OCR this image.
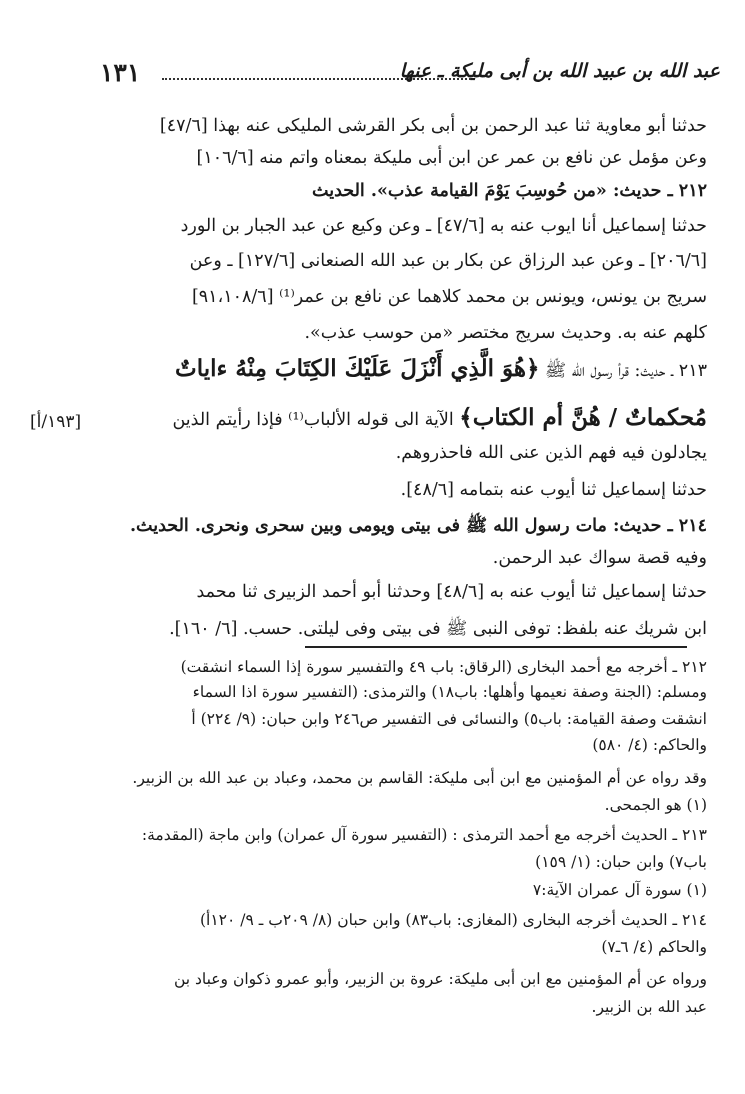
١٣١	عبد الله بن عبيد الله بن أبى مليكة ـ عنها
حدثنا أبو معاوية ثنا عبد الرحمن بن أبى بكر القرشى المليكى عنه بهذا [٤٧/٦]
وعن مؤمل عن نافع بن عمر عن ابن أبى مليكة بمعناه واتم منه [١٠٦/٦]
٢١٢ ـ حديث: «من حُوسِبَ يَوْمَ القيامة عذب». الحديث
حدثنا إسماعيل أنا ايوب عنه به [٤٧/٦] ـ وعن وكيع عن عبد الجبار بن الورد
[٢٠٦/٦] ـ وعن عبد الرزاق عن بكار بن عبد الله الصنعانى [١٢٧/٦] ـ وعن
سريج بن يونس، ويونس بن محمد كلاهما عن نافع بن عمر⁽¹⁾ [٩١،١٠٨/٦]
كلهم عنه به. وحديث سريج مختصر «من حوسب عذب».
٢١٣ ـ حديث: قرأ رسول الله ﷺ ﴿هُوَ الَّذِي أَنْزَلَ عَلَيْكَ الكِتَابَ مِنْهُ ءاياتٌ
مُحكماتٌ / هُنَّ أم الكتاب﴾ الآية الى قوله الألباب⁽¹⁾ فإذا رأيتم الذين
[١٩٣/أ]
يجادلون فيه فهم الذين عنى الله فاحذروهم.
حدثنا إسماعيل ثنا أيوب عنه بتمامه [٤٨/٦].
٢١٤ ـ حديث: مات رسول الله ﷺ فى بيتى ويومى وبين سحرى ونحرى. الحديث.
وفيه قصة سواك عبد الرحمن.
حدثنا إسماعيل ثنا أيوب عنه به [٤٨/٦] وحدثنا أبو أحمد الزبيرى ثنا محمد
ابن شريك عنه بلفظ: توفى النبى ﷺ فى بيتى وفى ليلتى. حسب. [٦/ ١٦٠].
٢١٢ ـ أخرجه مع أحمد البخارى (الرقاق: باب ٤٩ والتفسير سورة إذا السماء انشقت)
ومسلم: (الجنة وصفة نعيمها وأهلها: باب١٨) والترمذى: (التفسير سورة اذا السماء
انشقت وصفة القيامة: باب٥) والنسائى فى التفسير ص٢٤٦ وابن حبان: (٩/ ٢٢٤) أ
والحاكم: (٤/ ٥٨٠)
وقد رواه عن أم المؤمنين مع ابن أبى مليكة: القاسم بن محمد، وعباد بن عبد الله بن الزبير.
(١) هو الجمحى.
٢١٣ ـ الحديث أخرجه مع أحمد الترمذى : (التفسير سورة آل عمران) وابن ماجة (المقدمة:
باب٧) وابن حبان: (١/ ١٥٩)
(١) سورة آل عمران الآية:٧
٢١٤ ـ الحديث أخرجه البخارى (المغازى: باب٨٣) وابن حبان (٨/ ٢٠٩ب ـ ٩/ ١٢٠أ)
والحاكم (٤/ ٦ـ٧)
ورواه عن أم المؤمنين مع ابن أبى مليكة: عروة بن الزبير، وأبو عمرو ذكوان وعباد بن
عبد الله بن الزبير.
